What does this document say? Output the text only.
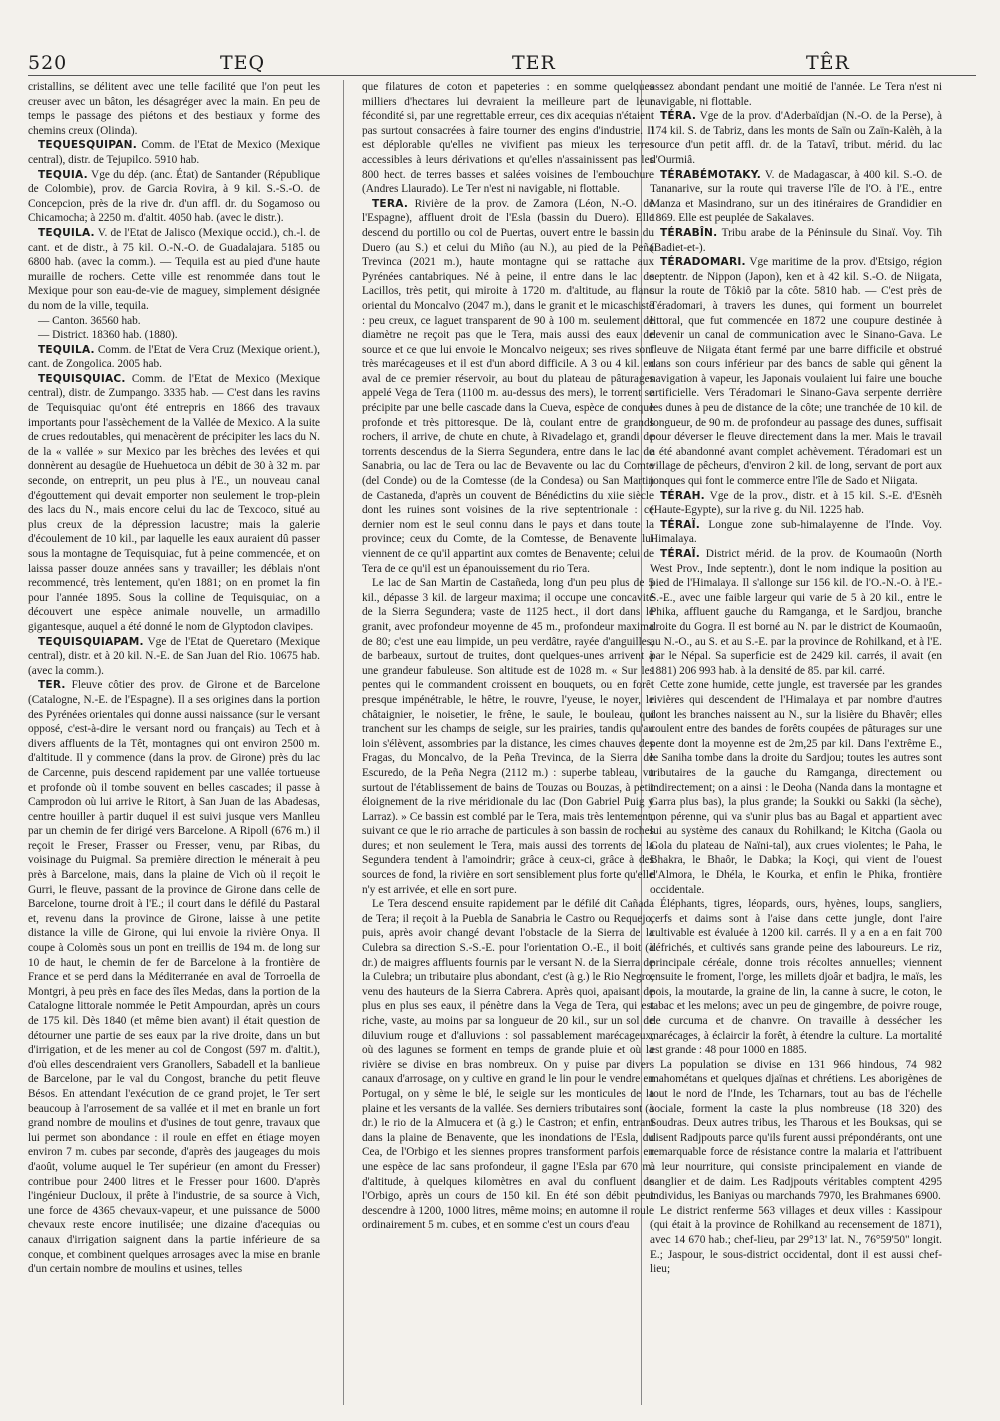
520	TEQ	TER	TÊR

cristallins, se délitent avec une telle facilité que l'on peut les creuser avec un bâton, les désagréger avec la main. En peu de temps le passage des piétons et des bestiaux y forme des chemins creux (Olinda).

TEQUESQUIPAN. Comm. de l'Etat de Mexico (Mexique central), distr. de Tejupilco. 5910 hab.

TEQUIA. Vge du dép. (anc. État) de Santander (République de Colombie), prov. de Garcia Rovira, à 9 kil. S.-S.-O. de Concepcion, près de la rive dr. d'un affl. dr. du Sogamoso ou Chicamocha; à 2250 m. d'altit. 4050 hab. (avec le distr.).

TEQUILA. V. de l'Etat de Jalisco (Mexique occid.), ch.-l. de cant. et de distr., à 75 kil. O.-N.-O. de Guadalajara. 5185 ou 6800 hab. (avec la comm.). — Tequila est au pied d'une haute muraille de rochers. Cette ville est renommée dans tout le Mexique pour son eau-de-vie de maguey, simplement désignée du nom de la ville, tequila.

— Canton. 36560 hab.

— District. 18360 hab. (1880).

TEQUILA. Comm. de l'Etat de Vera Cruz (Mexique orient.), cant. de Zongolica. 2005 hab.

TEQUISQUIAC. Comm. de l'Etat de Mexico (Mexique central), distr. de Zumpango. 3335 hab. — C'est dans les ravins de Tequisquiac qu'ont été entrepris en 1866 des travaux importants pour l'assèchement de la Vallée de Mexico. A la suite de crues redoutables, qui menacèrent de précipiter les lacs du N. de la « vallée » sur Mexico par les brèches des levées et qui donnèrent au desagüe de Huehuetoca un débit de 30 à 32 m. par seconde, on entreprit, un peu plus à l'E., un nouveau canal d'égouttement qui devait emporter non seulement le trop-plein des lacs du N., mais encore celui du lac de Texcoco, situé au plus creux de la dépression lacustre; mais la galerie d'écoulement de 10 kil., par laquelle les eaux auraient dû passer sous la montagne de Tequisquiac, fut à peine commencée, et on laissa passer douze années sans y travailler; les déblais n'ont recommencé, très lentement, qu'en 1881; on en promet la fin pour l'année 1895. Sous la colline de Tequisquiac, on a découvert une espèce animale nouvelle, un armadillo gigantesque, auquel a été donné le nom de Glyptodon clavipes.

TEQUISQUIAPAM. Vge de l'Etat de Queretaro (Mexique central), distr. et à 20 kil. N.-E. de San Juan del Rio. 10675 hab. (avec la comm.).

TER. Fleuve côtier des prov. de Girone et de Barcelone (Catalogne, N.-E. de l'Espagne). Il a ses origines dans la portion des Pyrénées orientales qui donne aussi naissance (sur le versant opposé, c'est-à-dire le versant nord ou français) au Tech et à divers affluents de la Têt, montagnes qui ont environ 2500 m. d'altitude. Il y commence (dans la prov. de Girone) près du lac de Carcenne, puis descend rapidement par une vallée tortueuse et profonde où il tombe souvent en belles cascades; il passe à Camprodon où lui arrive le Ritort, à San Juan de las Abadesas, centre houiller à partir duquel il est suivi jusque vers Manlleu par un chemin de fer dirigé vers Barcelone. A Ripoll (676 m.) il reçoit le Freser, Frasser ou Fresser, venu, par Ribas, du voisinage du Puigmal. Sa première direction le ménerait à peu près à Barcelone, mais, dans la plaine de Vich où il reçoit le Gurri, le fleuve, passant de la province de Girone dans celle de Barcelone, tourne droit à l'E.; il court dans le défilé du Pastaral et, revenu dans la province de Girone, laisse à une petite distance la ville de Girone, qui lui envoie la rivière Onya. Il coupe à Colomès sous un pont en treillis de 194 m. de long sur 10 de haut, le chemin de fer de Barcelone à la frontière de France et se perd dans la Méditerranée en aval de Torroella de Montgri, à peu près en face des îles Medas, dans la portion de la Catalogne littorale nommée le Petit Ampourdan, après un cours de 175 kil. Dès 1840 (et même bien avant) il était question de détourner une partie de ses eaux par la rive droite, dans un but d'irrigation, et de les mener au col de Congost (597 m. d'altit.), d'où elles descendraient vers Granollers, Sabadell et la banlieue de Barcelone, par le val du Congost, branche du petit fleuve Bésos. En attendant l'exécution de ce grand projet, le Ter sert beaucoup à l'arrosement de sa vallée et il met en branle un fort grand nombre de moulins et d'usines de tout genre, travaux que lui permet son abondance : il roule en effet en étiage moyen environ 7 m. cubes par seconde, d'après des jaugeages du mois d'août, volume auquel le Ter supérieur (en amont du Fresser) contribue pour 2400 litres et le Fresser pour 1600. D'après l'ingénieur Ducloux, il prête à l'industrie, de sa source à Vich, une force de 4365 chevaux-vapeur, et une puissance de 5000 chevaux reste encore inutilisée; une dizaine d'acequias ou canaux d'irrigation saignent dans la partie inférieure de sa conque, et combinent quelques arrosages avec la mise en branle d'un certain nombre de moulins et usines, telles

que filatures de coton et papeteries : en somme quelques milliers d'hectares lui devraient la meilleure part de leur fécondité si, par une regrettable erreur, ces dix acequias n'étaient pas surtout consacrées à faire tourner des engins d'industrie. Il est déplorable qu'elles ne vivifient pas mieux les terres accessibles à leurs dérivations et qu'elles n'assainissent pas les 800 hect. de terres basses et salées voisines de l'embouchure (Andres Llaurado). Le Ter n'est ni navigable, ni flottable.

TERA. Rivière de la prov. de Zamora (Léon, N.-O. de l'Espagne), affluent droit de l'Esla (bassin du Duero). Elle descend du portillo ou col de Puertas, ouvert entre le bassin du Duero (au S.) et celui du Miño (au N.), au pied de la Peña Trevinca (2021 m.), haute montagne qui se rattache aux Pyrénées cantabriques. Né à peine, il entre dans le lac de Lacillos, très petit, qui miroite à 1720 m. d'altitude, au flanc oriental du Moncalvo (2047 m.), dans le granit et le micaschiste : peu creux, ce laguet transparent de 90 à 100 m. seulement de diamètre ne reçoit pas que le Tera, mais aussi des eaux de source et ce que lui envoie le Moncalvo neigeux; ses rives sont très marécageuses et il est d'un abord difficile. A 3 ou 4 kil. en aval de ce premier réservoir, au bout du plateau de pâturages appelé Vega de Tera (1100 m. au-dessus des mers), le torrent se précipite par une belle cascade dans la Cueva, espèce de conque profonde et très pittoresque. De là, coulant entre de grands rochers, il arrive, de chute en chute, à Rivadelago et, grandi de torrents descendus de la Sierra Segundera, entre dans le lac de Sanabria, ou lac de Tera ou lac de Bevavente ou lac du Comte (del Conde) ou de la Comtesse (de la Condesa) ou San Martin de Castaneda, d'après un couvent de Bénédictins du xiie siècle dont les ruines sont voisines de la rive septentrionale : ce dernier nom est le seul connu dans le pays et dans toute la province; ceux du Comte, de la Comtesse, de Benavente lui viennent de ce qu'il appartint aux comtes de Benavente; celui de Tera de ce qu'il est un épanouissement du rio Tera.

Le lac de San Martin de Castañeda, long d'un peu plus de 5 kil., dépasse 3 kil. de largeur maxima; il occupe une concavité de la Sierra Segundera; vaste de 1125 hect., il dort dans le granit, avec profondeur moyenne de 45 m., profondeur maxima de 80; c'est une eau limpide, un peu verdâtre, rayée d'anguilles, de barbeaux, surtout de truites, dont quelques-unes arrivent à une grandeur fabuleuse. Son altitude est de 1028 m. « Sur les pentes qui le commandent croissent en bouquets, ou en forêt presque impénétrable, le hêtre, le rouvre, l'yeuse, le noyer, le châtaignier, le noisetier, le frêne, le saule, le bouleau, qui tranchent sur les champs de seigle, sur les prairies, tandis qu'au loin s'élèvent, assombries par la distance, les cimes chauves des Fragas, du Moncalvo, de la Peña Trevinca, de la Sierra de Escuredo, de la Peña Negra (2112 m.) : superbe tableau, vu surtout de l'établissement de bains de Touzas ou Bouzas, à petit éloignement de la rive méridionale du lac (Don Gabriel Puig y Larraz). » Ce bassin est comblé par le Tera, mais très lentement, suivant ce que le rio arrache de particules à son bassin de roches dures; et non seulement le Tera, mais aussi des torrents de la Segundera tendent à l'amoindrir; grâce à ceux-ci, grâce à des sources de fond, la rivière en sort sensiblement plus forte qu'elle n'y est arrivée, et elle en sort pure.

Le Tera descend ensuite rapidement par le défilé dit Cañada de Tera; il reçoit à la Puebla de Sanabria le Castro ou Requejo, puis, après avoir changé devant l'obstacle de la Sierra de la Culebra sa direction S.-S.-E. pour l'orientation O.-E., il boit (à dr.) de maigres affluents fournis par le versant N. de la Sierra de la Culebra; un tributaire plus abondant, c'est (à g.) le Rio Negro, venu des hauteurs de la Sierra Cabrera. Après quoi, apaisant de plus en plus ses eaux, il pénètre dans la Vega de Tera, qui est riche, vaste, au moins par sa longueur de 20 kil., sur un sol de diluvium rouge et d'alluvions : sol passablement marécageux, où des lagunes se forment en temps de grande pluie et où la rivière se divise en bras nombreux. On y puise par divers canaux d'arrosage, on y cultive en grand le lin pour le vendre en Portugal, on y sème le blé, le seigle sur les monticules de la plaine et les versants de la vallée. Ses derniers tributaires sont (à dr.) le rio de la Almucera et (à g.) le Castron; et enfin, entrant dans la plaine de Benavente, que les inondations de l'Esla, du Cea, de l'Orbigo et les siennes propres transforment parfois en une espèce de lac sans profondeur, il gagne l'Esla par 670 m. d'altitude, à quelques kilomètres en aval du confluent de l'Orbigo, après un cours de 150 kil. En été son débit peut descendre à 1200, 1000 litres, même moins; en automne il roule ordinairement 5 m. cubes, et en somme c'est un cours d'eau

assez abondant pendant une moitié de l'année. Le Tera n'est ni navigable, ni flottable.

TÉRA. Vge de la prov. d'Aderbaïdjan (N.-O. de la Perse), à 174 kil. S. de Tabriz, dans les monts de Saïn ou Zaïn-Kalèh, à la source d'un petit affl. dr. de la Tatavî, tribut. mérid. du lac d'Ourmiâ.

TÉRABÉMOTAKY. V. de Madagascar, à 400 kil. S.-O. de Tananarive, sur la route qui traverse l'île de l'O. à l'E., entre Manza et Masindrano, sur un des itinéraires de Grandidier en 1869. Elle est peuplée de Sakalaves.

TÉRABÎN. Tribu arabe de la Péninsule du Sinaï. Voy. Tih (Badiet-et-).

TÉRADOMARI. Vge maritime de la prov. d'Etsigo, région septentr. de Nippon (Japon), ken et à 42 kil. S.-O. de Niigata, sur la route de Tôkiô par la côte. 5810 hab. — C'est près de Téradomari, à travers les dunes, qui forment un bourrelet littoral, que fut commencée en 1872 une coupure destinée à devenir un canal de communication avec le Sinano-Gava. Le fleuve de Niigata étant fermé par une barre difficile et obstrué dans son cours inférieur par des bancs de sable qui gênent la navigation à vapeur, les Japonais voulaient lui faire une bouche artificielle. Vers Téradomari le Sinano-Gava serpente derrière les dunes à peu de distance de la côte; une tranchée de 10 kil. de longueur, de 90 m. de profondeur au passage des dunes, suffisait pour déverser le fleuve directement dans la mer. Mais le travail a été abandonné avant complet achèvement. Téradomari est un village de pêcheurs, d'environ 2 kil. de long, servant de port aux jonques qui font le commerce entre l'île de Sado et Niigata.

TÉRAH. Vge de la prov., distr. et à 15 kil. S.-E. d'Esnèh (Haute-Egypte), sur la rive g. du Nil. 1225 hab.

TÉRAÏ. Longue zone sub-himalayenne de l'Inde. Voy. Himalaya.

TÉRAÏ. District mérid. de la prov. de Koumaoûn (North West Prov., Inde septentr.), dont le nom indique la position au pied de l'Himalaya. Il s'allonge sur 156 kil. de l'O.-N.-O. à l'E.-S.-E., avec une faible largeur qui varie de 5 à 20 kil., entre le Phika, affluent gauche du Ramganga, et le Sardjou, branche droite du Gogra. Il est borné au N. par le district de Koumaoûn, au N.-O., au S. et au S.-E. par la province de Rohilkand, et à l'E. par le Népal. Sa superficie est de 2429 kil. carrés, il avait (en 1881) 206 993 hab. à la densité de 85. par kil. carré.

Cette zone humide, cette jungle, est traversée par les grandes rivières qui descendent de l'Himalaya et par nombre d'autres dont les branches naissent au N., sur la lisière du Bhavêr; elles coulent entre des bandes de forêts coupées de pâturages sur une pente dont la moyenne est de 2m,25 par kil. Dans l'extrême E., le Saniha tombe dans la droite du Sardjou; toutes les autres sont tributaires de la gauche du Ramganga, directement ou indirectement; on a ainsi : le Deoha (Nanda dans la montagne et Garra plus bas), la plus grande; la Soukki ou Sakki (la sèche), non pérenne, qui va s'unir plus bas au Bagal et appartient avec lui au système des canaux du Rohilkand; le Kitcha (Gaola ou Gola du plateau de Naïni-tal), aux crues violentes; le Paha, le Bhakra, le Bhaôr, le Dabka; la Koçi, qui vient de l'ouest d'Almora, le Dhéla, le Kourka, et enfin le Phika, frontière occidentale.

Éléphants, tigres, léopards, ours, hyènes, loups, sangliers, cerfs et daims sont à l'aise dans cette jungle, dont l'aire cultivable est évaluée à 1200 kil. carrés. Il y a en a en fait 700 défrichés, et cultivés sans grande peine des laboureurs. Le riz, principale céréale, donne trois récoltes annuelles; viennent ensuite le froment, l'orge, les millets djoâr et badjra, le maïs, les pois, la moutarde, la graine de lin, la canne à sucre, le coton, le tabac et les melons; avec un peu de gingembre, de poivre rouge, de curcuma et de chanvre. On travaille à dessécher les marécages, à éclaircir la forêt, à étendre la culture. La mortalité est grande : 48 pour 1000 en 1885.

La population se divise en 131 966 hindous, 74 982 mahométans et quelques djaïnas et chrétiens. Les aborigènes de tout le nord de l'Inde, les Tcharnars, tout au bas de l'échelle sociale, forment la caste la plus nombreuse (18 320) des Soudras. Deux autres tribus, les Tharous et les Bouksas, qui se disent Radjpouts parce qu'ils furent aussi prépondérants, ont une remarquable force de résistance contre la malaria et l'attribuent à leur nourriture, qui consiste principalement en viande de sanglier et de daim. Les Radjpouts véritables comptent 4295 individus, les Baniyas ou marchands 7970, les Brahmanes 6900.

Le district renferme 563 villages et deux villes : Kassipour (qui était à la province de Rohilkand au recensement de 1871), avec 14 670 hab.; chef-lieu, par 29°13' lat. N., 76°59'50" longit. E.; Jaspour, le sous-district occidental, dont il est aussi chef-lieu;
